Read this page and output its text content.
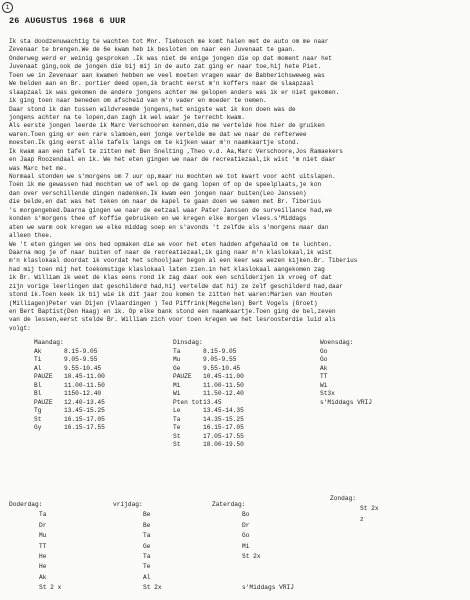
1
26 AUGUSTUS 1968 6 UUR
Ik sta doodzenuwachtig te wachten tot Mnr. Tiebosch me komt halen met de auto om me naar
Zevenaar te brengen.We de 6e kwam heb ik besloten om naar een Juvenaat te gaan.
Onderweg werd er weinig gesproken .Ik was niet de enige jongen die op dat moment naar het
Juvenaat ging,ook de jongen die bij mij in de auto zat ging er naar toe,hij hete Piet.
Toen we in Zevenaar aan kwamen hebben we veel moeten vragen waar de Babberichsweweg was
We belden aan en Br. portier deed open,ik bracht eerst m'n koffers naar de slaapzaal
slaapzaal ik was gekomen de andere jongens achter me gelopen anders was ik er niet gekomen.
ik ging toen naar beneden om afscheid van m'n vader en moeder te nemen.
Daar stond ik dan tussen wildvreemde jongens,het enigste wat ik kon doen was de
jongens achter na te lopen,dan zagh ik wel waar je terrecht kwam.
Als eerste jongen leerde ik Marc Verschooren kennen,die me vertelde hoe hier de gruiken
waren.Toen ging er een rare slamoen,een jonge vertelde me dat we naar de refterwee
moesten.Ik ging eerst alle tafels langs om te kijken waar m'n naamkaartje stond.
Ik kwam aan een tafel te zitten met Ben Snelting ,Theo v.d. Aa,Marc Verschoore,Jos Ramaekers
en Jaap Roozendaal en ik. We het eten gingen we naar de recreatiezaal,ik wist 'm niet daar
was Marc het me.
Normaal stonden we s'morgens om 7 uur op,maar nu mochten we tot kwart voor acht uitslapen.
Toen ik me gewassen had mochten we of wel op de gang lopen of op de speelplaats,je kon
dan over verschillende dingen nadenken.Ik kwam een jongen naar buiten(Leo Janssen)
die belde,en dat was het teken om naar de kapel te gaan doen we samen met Br. Tiberius
's morgengebed.Daarna gingen we naar de eetzaal waar Pater Janssen de surveillance had,we
konden s'morgens thee of koffie gebruiken en we kregen elke morgen vlees.s'Middags
aten we warm ook kregen we elke middag soep en s'avonds 't zelfde als s'morgens maar dan
alleen thee.
We 't eten gingen we ons bed opmaken die we voor het eten hadden afgehaald om te luchten.
Daarna mog je of naar buiten of naar de recreatiezaal,ik ging naar m'n klaslokaal,ik wist
m'n klaslokaal doordat ik voordat het schooljaar begon al een keer was wezen kijken.Br. Tiberius
had mij toen mij het toekomstige klaslokaal laten zien.in het klaslokaal aangekomen zag
ik Br. William ik weet de klas eens rond ik zag daar ook een schilderijen ik vroeg of dat
zijn vorige leerlingen dat geschilderd had,hij vertelde dat hij ze zelf geschilderd had,daar
stond ik.Toen keek ik bij wie ik dit jaar zou komen te zitten het waren:Marien van Houten
(Milliagen)Peter van Dijen (Vlaardingen ) Ted Piffrink(Megchelen) Bert Vogels (Groet)
en Bert Baptist(Den Haag) en ik. Op elke bank stond een naamkaartje.Toen ging de bel,zeven
van de lessen,eerst stelde Br. William zich voor toen kregen we het lesroosterdie luid als
volgt:
Maandag:
Ak	8.15-9.05
Ti	9.05-9.55
Al	9.55-10.45
PAUZE 10.45-11.00
Bl	11.00-11.50
Bl	1150-12.40
PAUZE 12.40-13.45
Tg	13.45-15.25
St	16.15-17.05
Gy	16.15-17.55
Dinsdag:
Ta	8.15-9.05
Mu	9.05-9.55
Ge	9.55-10.45
PAUZE 10.45-11.00
Mi	11.00-11.50
Wi	11.50-12.40
Pten tot13.45
Le	13.45-14.35
Ta	14.35-15.25
Te	16.15-17.05
St	17.05-17.55
St	18.00-19.50
Woensdag:
Go
Go
Ak
TT
Wi
St3x
s'Middags VRIJ
Doderdag:
Ta
Dr
Mu
TT
He
He
Ak
St 2 x
vrijdag:
Be
Be
Ta
Ge
Ta
Te
Al
St 2x
Zaterdag:
Bo
Dr
Go
Mi
St 2x
s'Middags VRIJ
Zondag:
St 2x
z
